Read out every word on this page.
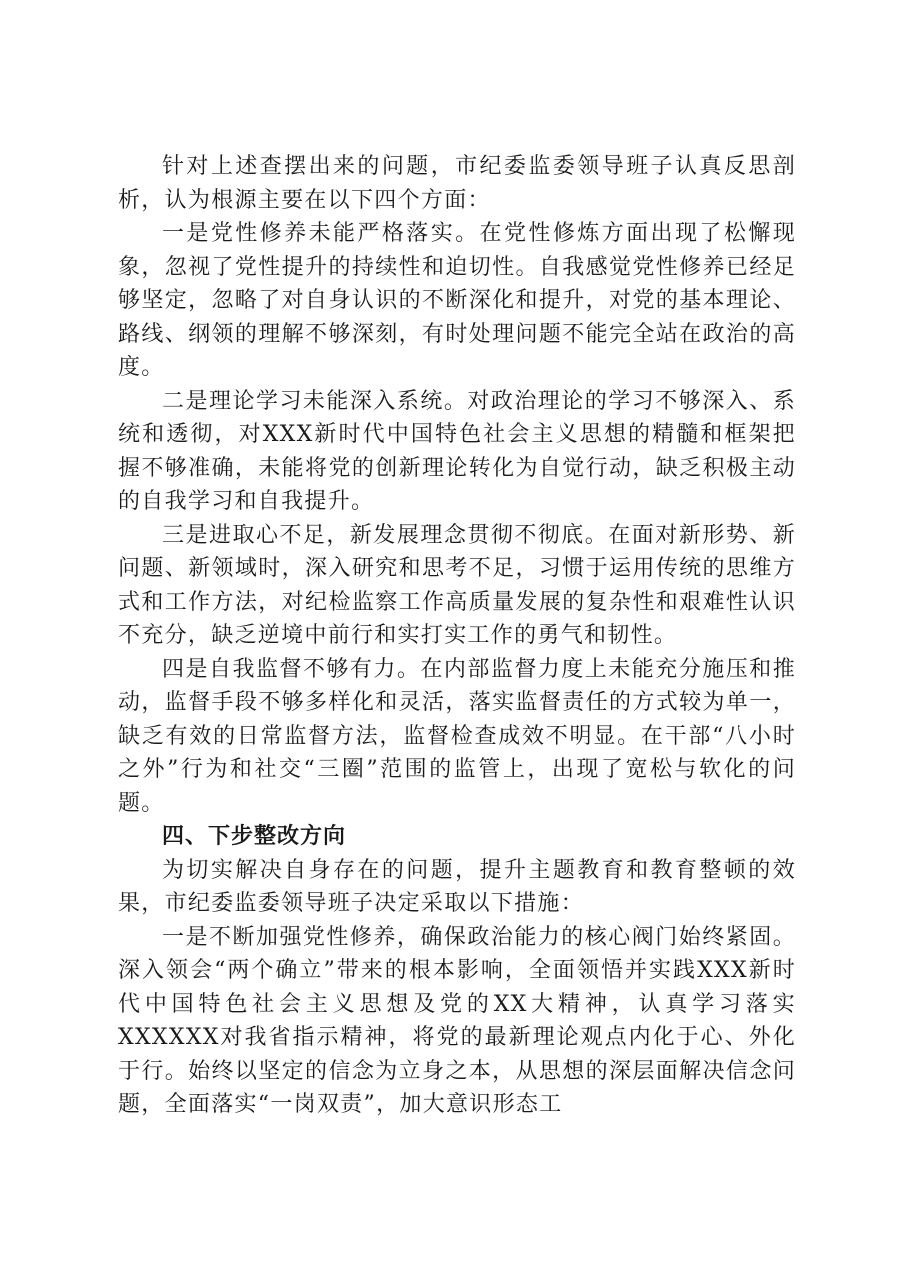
针对上述查摆出来的问题，市纪委监委领导班子认真反思剖析，认为根源主要在以下四个方面：

一是党性修养未能严格落实。在党性修炼方面出现了松懈现象，忽视了党性提升的持续性和迫切性。自我感觉党性修养已经足够坚定，忽略了对自身认识的不断深化和提升，对党的基本理论、路线、纲领的理解不够深刻，有时处理问题不能完全站在政治的高度。

二是理论学习未能深入系统。对政治理论的学习不够深入、系统和透彻，对XXX新时代中国特色社会主义思想的精髓和框架把握不够准确，未能将党的创新理论转化为自觉行动，缺乏积极主动的自我学习和自我提升。

三是进取心不足，新发展理念贯彻不彻底。在面对新形势、新问题、新领域时，深入研究和思考不足，习惯于运用传统的思维方式和工作方法，对纪检监察工作高质量发展的复杂性和艰难性认识不充分，缺乏逆境中前行和实打实工作的勇气和韧性。

四是自我监督不够有力。在内部监督力度上未能充分施压和推动，监督手段不够多样化和灵活，落实监督责任的方式较为单一，缺乏有效的日常监督方法，监督检查成效不明显。在干部“八小时之外”行为和社交“三圈”范围的监管上，出现了宽松与软化的问题。

四、下步整改方向

为切实解决自身存在的问题，提升主题教育和教育整顿的效果，市纪委监委领导班子决定采取以下措施：

一是不断加强党性修养，确保政治能力的核心阀门始终紧固。深入领会“两个确立”带来的根本影响，全面领悟并实践XXX新时代中国特色社会主义思想及党的XX大精神，认真学习落实XXXXXX对我省指示精神，将党的最新理论观点内化于心、外化于行。始终以坚定的信念为立身之本，从思想的深层面解决信念问题，全面落实“一岗双责”，加大意识形态工
